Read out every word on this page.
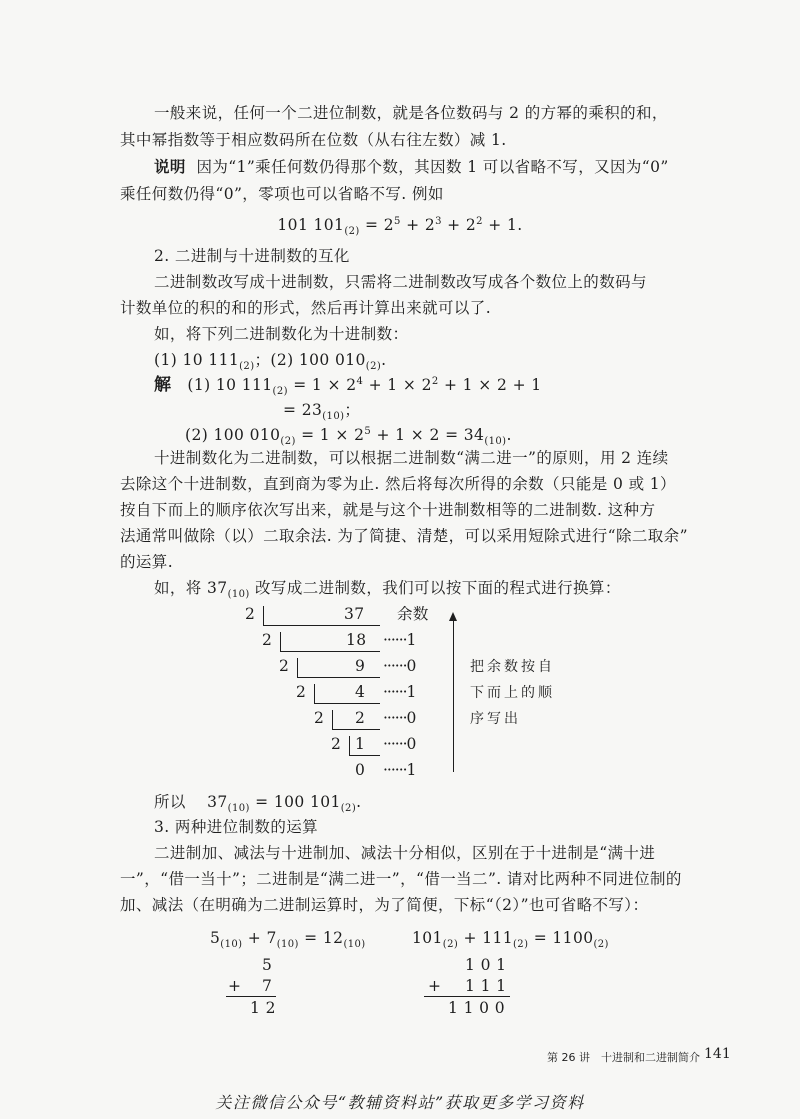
一般来说，任何一个二进位制数，就是各位数码与 2 的方幂的乘积的和，
其中幂指数等于相应数码所在位数（从右往左数）减 1.
说明 因为“1”乘任何数仍得那个数，其因数 1 可以省略不写，又因为“0”
乘任何数仍得“0”，零项也可以省略不写. 例如
101 $101_{(2)} = 2^5 + 2^3 + 2^2 + 1$.
2. 二进制与十进制数的互化
二进制数改写成十进制数，只需将二进制数改写成各个数位上的数码与
计数单位的积的和的形式，然后再计算出来就可以了.
如，将下列二进制数化为十进制数：
(1) 10 $111_{(2)}$；(2) 100 $010_{(2)}$.
解 (1) 10 $111_{(2)} = 1 \times 2^4 + 1 \times 2^2 + 1 \times 2 + 1$
= $23_{(10)}$；
(2) 100 $010_{(2)} = 1 \times 2^5 + 1 \times 2 = 34_{(10)}$.
十进制数化为二进制数，可以根据二进制数“满二进一”的原则，用 2 连续
去除这个十进制数，直到商为零为止. 然后将每次所得的余数（只能是 0 或 1）
按自下而上的顺序依次写出来，就是与这个十进制数相等的二进制数. 这种方
法通常叫做除（以）二取余法. 为了简捷、清楚，可以采用短除式进行“除二取余”
的运算.
如，将 $37_{(10)}$ 改写成二进制数，我们可以按下面的程式进行换算：
2	37 余数
2	18 ······1
2	9 ······0
2	4 ······1
2 2 ······0
2 1 ······0
0 ······1
把余数按自
下而上的顺
序写出
所以 $37_{(10)} = 100$ $101_{(2)}$.
3. 两种进位制数的运算
二进制加、减法与十进制加、减法十分相似，区别在于十进制是“满十进
一”，“借一当十”；二进制是“满二进一”，“借一当二”. 请对比两种不同进位制的
加、减法（在明确为二进制运算时，为了简便，下标“（2）”也可省略不写）：
$5_{(10)} + 7_{(10)} = 12_{(10)}$
5
+ 7
1 2
$101_{(2)} + 111_{(2)} = 1100_{(2)}$
1 0 1
+ 1 1 1
1 1 0 0
第 26 讲　十进制和二进制简介 141
关注微信公众号“教辅资料站”获取更多学习资料
